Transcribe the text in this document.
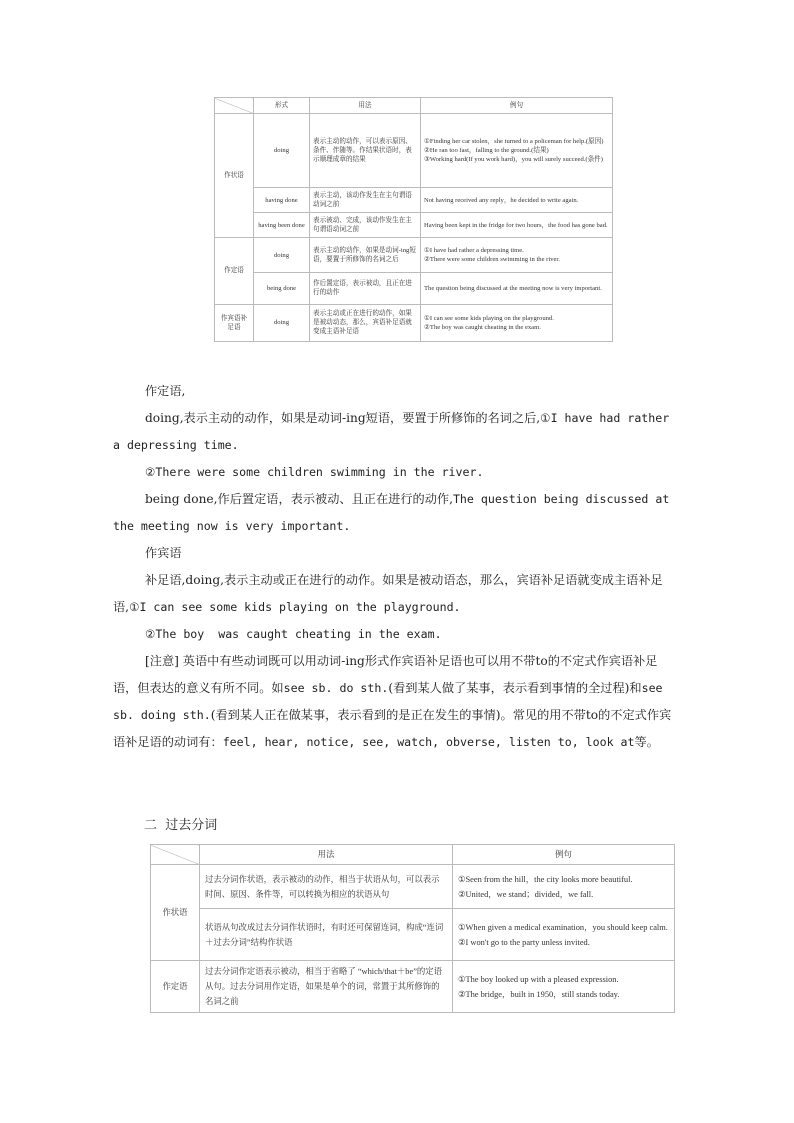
	形式	用法	例句
作状语	doing	表示主动的动作，可以表示原因、条件、伴随等。作结果状语时，表示顺理成章的结果	①Finding her car stolen，she turned to a policeman for help.(原因)
②He ran too fast，falling to the ground.(结果)
③Working hard(If you work hard)，you will surely succeed.(条件)
	having done	表示主动，该动作发生在主句谓语动词之前	Not having received any reply，he decided to write again.
	having been done	表示被动、完成，该动作发生在主句谓语动词之前	Having been kept in the fridge for two hours，the food has gone bad.
作定语	doing	表示主动的动作，如果是动词-ing短语，要置于所修饰的名词之后	①I have had rather a depressing time.
②There were some children swimming in the river.
	being done	作后置定语，表示被动，且正在进行的动作	The question being discussed at the meeting now is very important.
作宾语补足语	doing	表示主动或正在进行的动作，如果是被动动态，那么，宾语补足语就变成主语补足语	①I can see some kids playing on the playground.
②The boy was caught cheating in the exam.

作定语,

doing,表示主动的动作，如果是动词-ing短语，要置于所修饰的名词之后,①I have had rather a depressing time.

②There were some children swimming in the river.

being done,作后置定语，表示被动、且正在进行的动作,The question being discussed at the meeting now is very important.

作宾语

补足语,doing,表示主动或正在进行的动作。如果是被动语态，那么，宾语补足语就变成主语补足语,①I can see some kids playing on the playground.

②The boy  was caught cheating in the exam.

[注意] 英语中有些动词既可以用动词-ing形式作宾语补足语也可以用不带to的不定式作宾语补足语，但表达的意义有所不同。如see sb. do sth.(看到某人做了某事，表示看到事情的全过程)和see sb. doing sth.(看到某人正在做某事，表示看到的是正在发生的事情)。常见的用不带to的不定式作宾语补足语的动词有：feel, hear, notice, see, watch, obverse, listen to, look at等。

二  过去分词
	用法	例句
作状语	过去分词作状语，表示被动的动作，相当于状语从句，可以表示时间、原因、条件等，可以转换为相应的状语从句	①Seen from the hill，the city looks more beautiful.
②United，we stand；divided，we fall.
	状语从句改成过去分词作状语时，有时还可保留连词，构成“连词＋过去分词”结构作状语	①When given a medical examination，you should keep calm.
②I won't go to the party unless invited.
作定语	过去分词作定语表示被动，相当于省略了 “which/that＋be”的定语从句。过去分词用作定语，如果是单个的词，常置于其所修饰的名词之前	①The boy looked up with a pleased expression.
②The bridge，built in 1950，still stands today.
